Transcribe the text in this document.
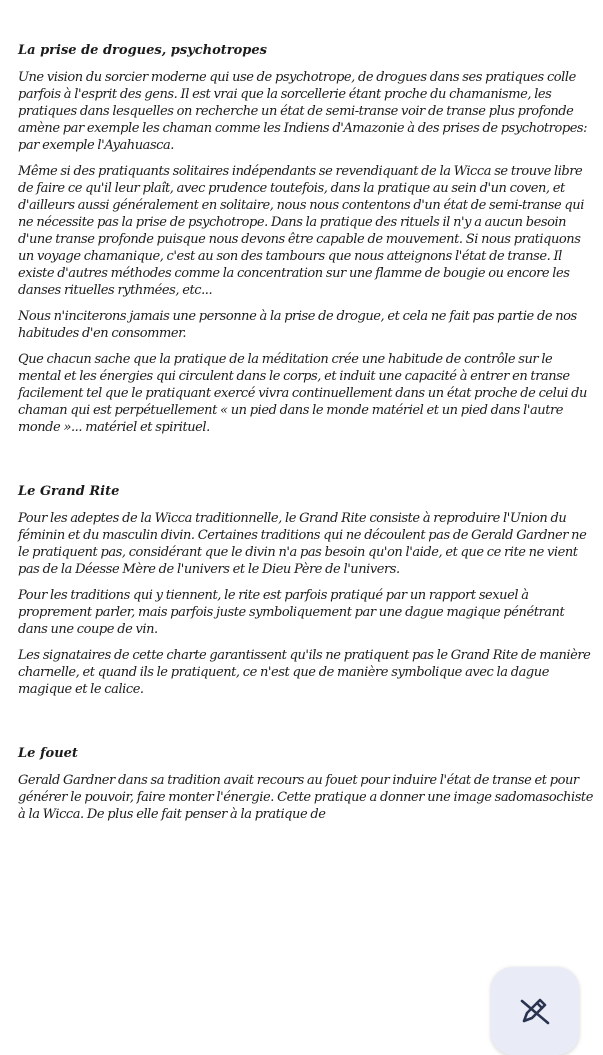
La prise de drogues, psychotropes

Une vision du sorcier moderne qui use de psychotrope, de drogues dans ses pratiques colle parfois à l'esprit des gens. Il est vrai que la sorcellerie étant proche du chamanisme, les pratiques dans lesquelles on recherche un état de semi-transe voir de transe plus profonde amène par exemple les chaman comme les Indiens d'Amazonie à des prises de psychotropes: par exemple l'Ayahuasca.

Même si des pratiquants solitaires indépendants se revendiquant de la Wicca se trouve libre de faire ce qu'il leur plaît, avec prudence toutefois, dans la pratique au sein d'un coven, et d'ailleurs aussi généralement en solitaire, nous nous contentons d'un état de semi-transe qui ne nécessite pas la prise de psychotrope. Dans la pratique des rituels il n'y a aucun besoin d'une transe profonde puisque nous devons être capable de mouvement. Si nous pratiquons un voyage chamanique, c'est au son des tambours que nous atteignons l'état de transe. Il existe d'autres méthodes comme la concentration sur une flamme de bougie ou encore les danses rituelles rythmées, etc...

Nous n'inciterons jamais une personne à la prise de drogue, et cela ne fait pas partie de nos habitudes d'en consommer.

Que chacun sache que la pratique de la méditation crée une habitude de contrôle sur le mental et les énergies qui circulent dans le corps, et induit une capacité à entrer en transe facilement tel que le pratiquant exercé vivra continuellement dans un état proche de celui du chaman qui est perpétuellement « un pied dans le monde matériel et un pied dans l'autre monde »... matériel et spirituel.

Le Grand Rite

Pour les adeptes de la Wicca traditionnelle, le Grand Rite consiste à reproduire l'Union du féminin et du masculin divin. Certaines traditions qui ne découlent pas de Gerald Gardner ne le pratiquent pas, considérant que le divin n'a pas besoin qu'on l'aide, et que ce rite ne vient pas de la Déesse Mère de l'univers et le Dieu Père de l'univers.

Pour les traditions qui y tiennent, le rite est parfois pratiqué par un rapport sexuel à proprement parler, mais parfois juste symboliquement par une dague magique pénétrant dans une coupe de vin.

Les signataires de cette charte garantissent qu'ils ne pratiquent pas le Grand Rite de manière charnelle, et quand ils le pratiquent, ce n'est que de manière symbolique avec la dague magique et le calice.

Le fouet

Gerald Gardner dans sa tradition avait recours au fouet pour induire l'état de transe et pour générer le pouvoir, faire monter l'énergie. Cette pratique a donner une image sadomasochiste à la Wicca. De plus elle fait penser à la pratique de
